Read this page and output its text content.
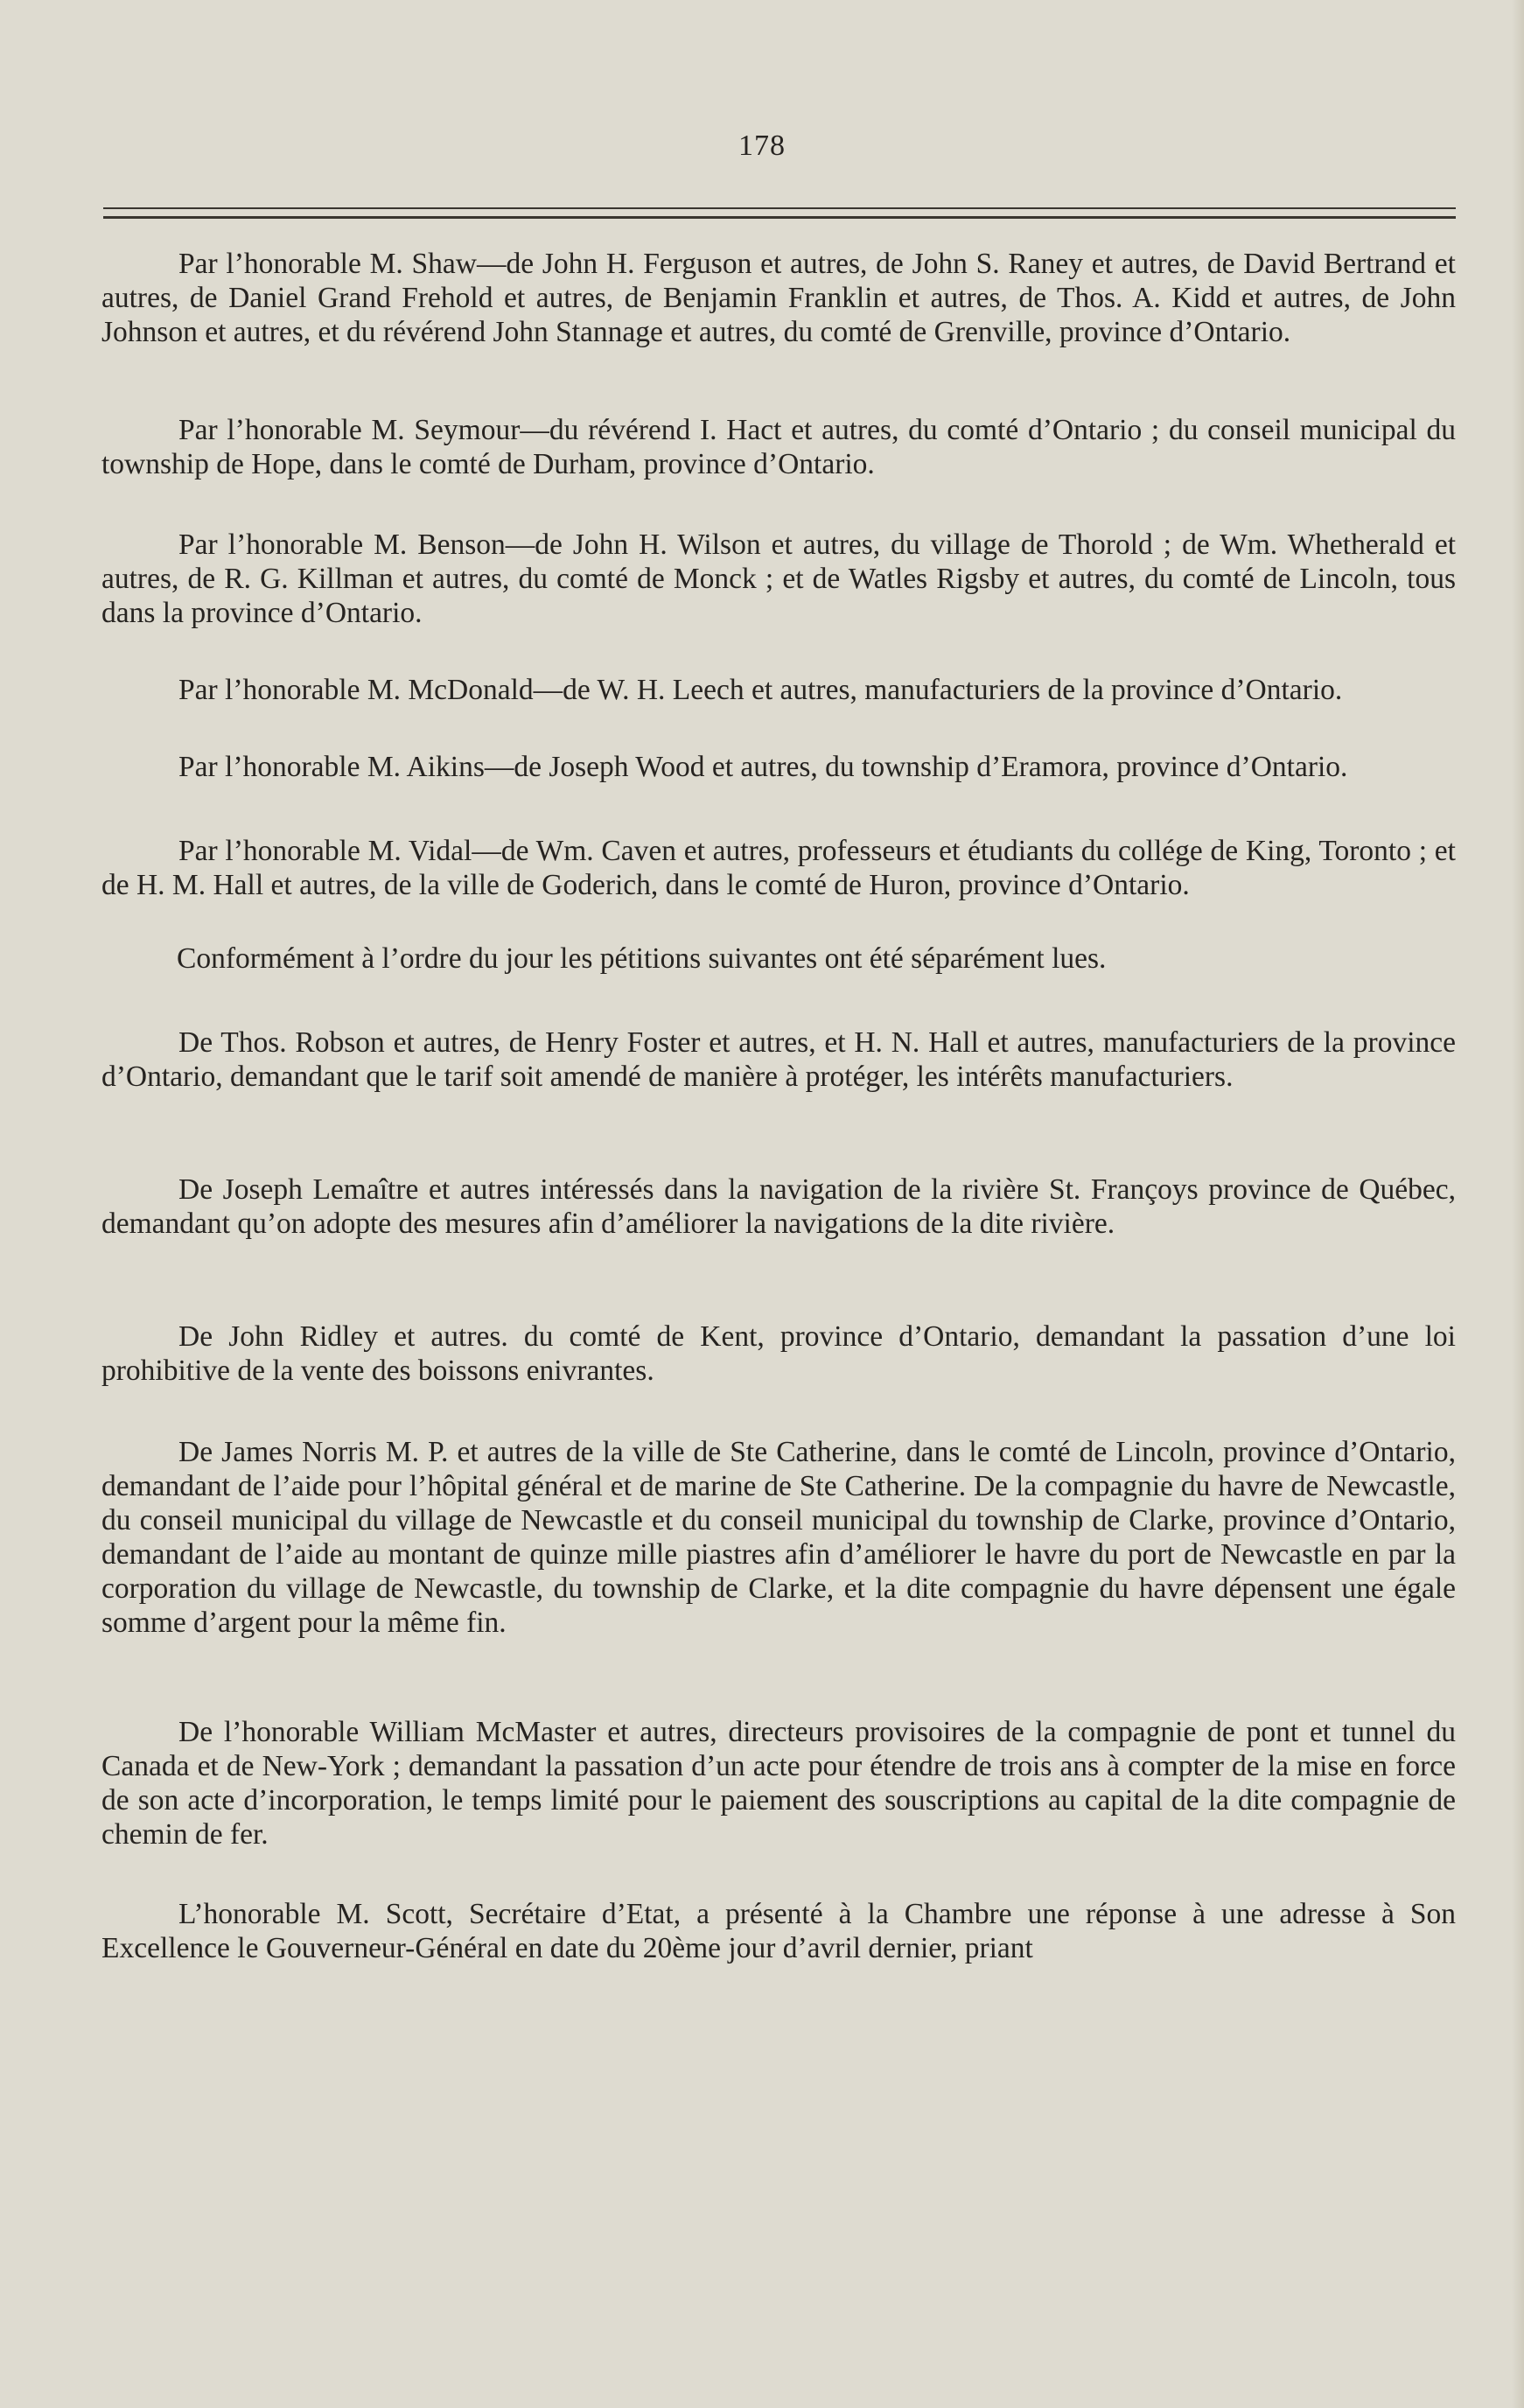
178

Par l’honorable M. Shaw—de John H. Ferguson et autres, de John S. Raney et autres, de David Bertrand et autres, de Daniel Grand Frehold et autres, de Benjamin Franklin et autres, de Thos. A. Kidd et autres, de John Johnson et autres, et du révérend John Stannage et autres, du comté de Grenville, province d’Ontario.

Par l’honorable M. Seymour—du révérend I. Hact et autres, du comté d’Ontario ; du conseil municipal du township de Hope, dans le comté de Durham, province d’Ontario.

Par l’honorable M. Benson—de John H. Wilson et autres, du village de Thorold ; de Wm. Whetherald et autres, de R. G. Killman et autres, du comté de Monck ; et de Watles Rigsby et autres, du comté de Lincoln, tous dans la province d’Ontario.

Par l’honorable M. McDonald—de W. H. Leech et autres, manufacturiers de la province d’Ontario.

Par l’honorable M. Aikins—de Joseph Wood et autres, du township d’Eramora, province d’Ontario.

Par l’honorable M. Vidal—de Wm. Caven et autres, professeurs et étudiants du collége de King, Toronto ; et de H. M. Hall et autres, de la ville de Goderich, dans le comté de Huron, province d’Ontario.

Conformément à l’ordre du jour les pétitions suivantes ont été séparément lues.

De Thos. Robson et autres, de Henry Foster et autres, et H. N. Hall et autres, manufacturiers de la province d’Ontario, demandant que le tarif soit amendé de manière à protéger, les intérêts manufacturiers.

De Joseph Lemaître et autres intéressés dans la navigation de la rivière St. Françoys province de Québec, demandant qu’on adopte des mesures afin d’améliorer la navigations de la dite rivière.

De John Ridley et autres. du comté de Kent, province d’Ontario, demandant la passation d’une loi prohibitive de la vente des boissons enivrantes.

De James Norris M. P. et autres de la ville de Ste Catherine, dans le comté de Lincoln, province d’Ontario, demandant de l’aide pour l’hôpital général et de marine de Ste Catherine. De la compagnie du havre de Newcastle, du conseil municipal du village de Newcastle et du conseil municipal du township de Clarke, province d’Ontario, demandant de l’aide au montant de quinze mille piastres afin d’améliorer le havre du port de Newcastle en par la corporation du village de Newcastle, du township de Clarke, et la dite compagnie du havre dépensent une égale somme d’argent pour la même fin.

De l’honorable William McMaster et autres, directeurs provisoires de la compagnie de pont et tunnel du Canada et de New-York ; demandant la passation d’un acte pour étendre de trois ans à compter de la mise en force de son acte d’incorporation, le temps limité pour le paiement des souscriptions au capital de la dite compagnie de chemin de fer.

L’honorable M. Scott, Secrétaire d’Etat, a présenté à la Chambre une réponse à une adresse à Son Excellence le Gouverneur-Général en date du 20ème jour d’avril dernier, priant
